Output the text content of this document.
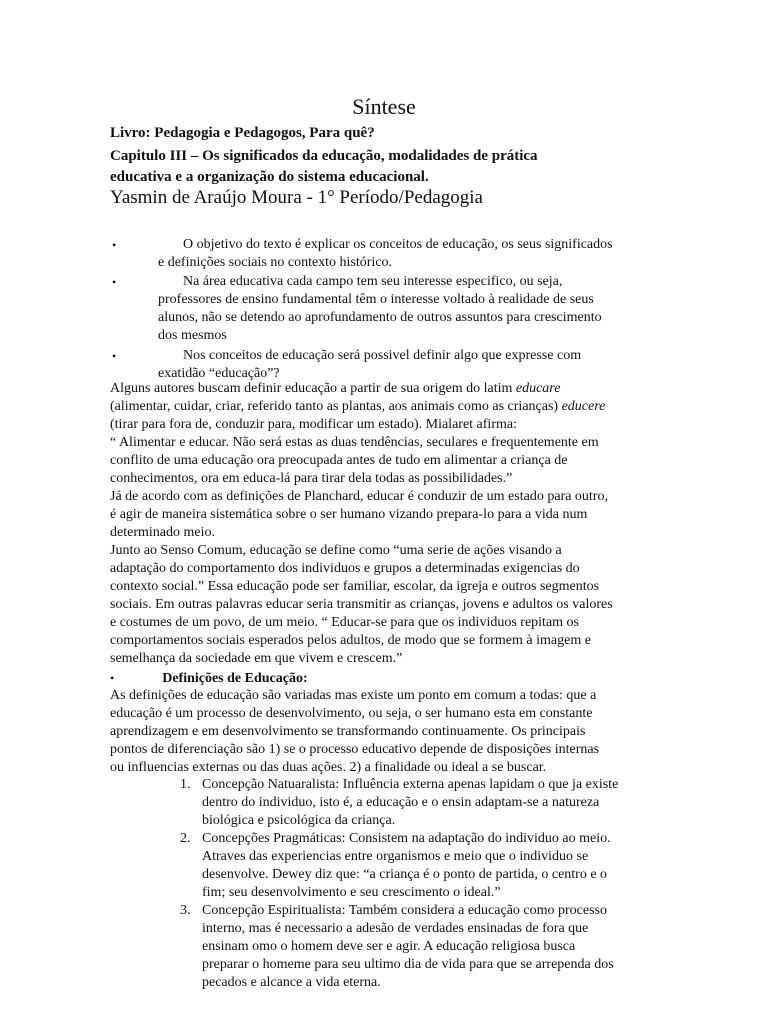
Síntese
Livro: Pedagogia e Pedagogos, Para quê?
Capitulo III – Os significados da educação, modalidades de prática
educativa e a organização do sistema educacional.
Yasmin de Araújo Moura - 1° Período/Pedagogia
•	O objetivo do texto é explicar os conceitos de educação, os seus significados
e definições sociais no contexto histórico.
•	Na área educativa cada campo tem seu interesse especifico, ou seja,
professores de ensino fundamental têm o interesse voltado à realidade de seus
alunos, não se detendo ao aprofundamento de outros assuntos para crescimento
dos mesmos
•	Nos conceitos de educação será possivel definir algo que expresse com
exatidão “educação”?
Alguns autores buscam definir educação a partir de sua origem do latim educare
(alimentar, cuidar, criar, referido tanto as plantas, aos animais como as crianças) educere
(tirar para fora de, conduzir para, modificar um estado). Mialaret afirma:
“ Alimentar e educar. Não será estas as duas tendências, seculares e frequentemente em
conflito de uma educação ora preocupada antes de tudo em alimentar a criança de
conhecimentos, ora em educa-lá para tirar dela todas as possibilidades.”
Já de acordo com as definições de Planchard, educar é conduzir de um estado para outro,
é agir de maneira sistemática sobre o ser humano vizando prepara-lo para a vida num
determinado meio.
Junto ao Senso Comum, educação se define como “uma serie de ações visando a
adaptação do comportamento dos individuos e grupos a determinadas exigencias do
contexto social.” Essa educação pode ser familiar, escolar, da igreja e outros segmentos
sociais. Em outras palavras educar seria transmitir as crianças, jovens e adultos os valores
e costumes de um povo, de um meio. “ Educar-se para que os individuos repitam os
comportamentos sociais esperados pelos adultos, de modo que se formem à imagem e
semelhança da sociedade em que vivem e crescem.”
•	Definições de Educação:
As definições de educação são variadas mas existe um ponto em comum a todas: que a
educação é um processo de desenvolvimento, ou seja, o ser humano esta em constante
aprendizagem e em desenvolvimento se transformando continuamente. Os principais
pontos de diferenciação são 1) se o processo educativo depende de disposições internas
ou influencias externas ou das duas ações. 2) a finalidade ou ideal a se buscar.
1. Concepção Natuaralista: Influência externa apenas lapidam o que ja existe
dentro do individuo, isto é, a educação e o ensin adaptam-se a natureza
biológica e psicológica da criança.
2. Concepções Pragmáticas: Consistem na adaptação do individuo ao meio.
Atraves das experiencias entre organismos e meio que o individuo se
desenvolve. Dewey diz que: “a criança é o ponto de partida, o centro e o
fim; seu desenvolvimento e seu crescimento o ideal.”
3. Concepção Espiritualista: Também considera a educação como processo
interno, mas é necessario a adesão de verdades ensinadas de fora que
ensinam omo o homem deve ser e agir. A educação religiosa busca
preparar o homeme para seu ultimo dia de vida para que se arrependa dos
pecados e alcance a vida eterna.
